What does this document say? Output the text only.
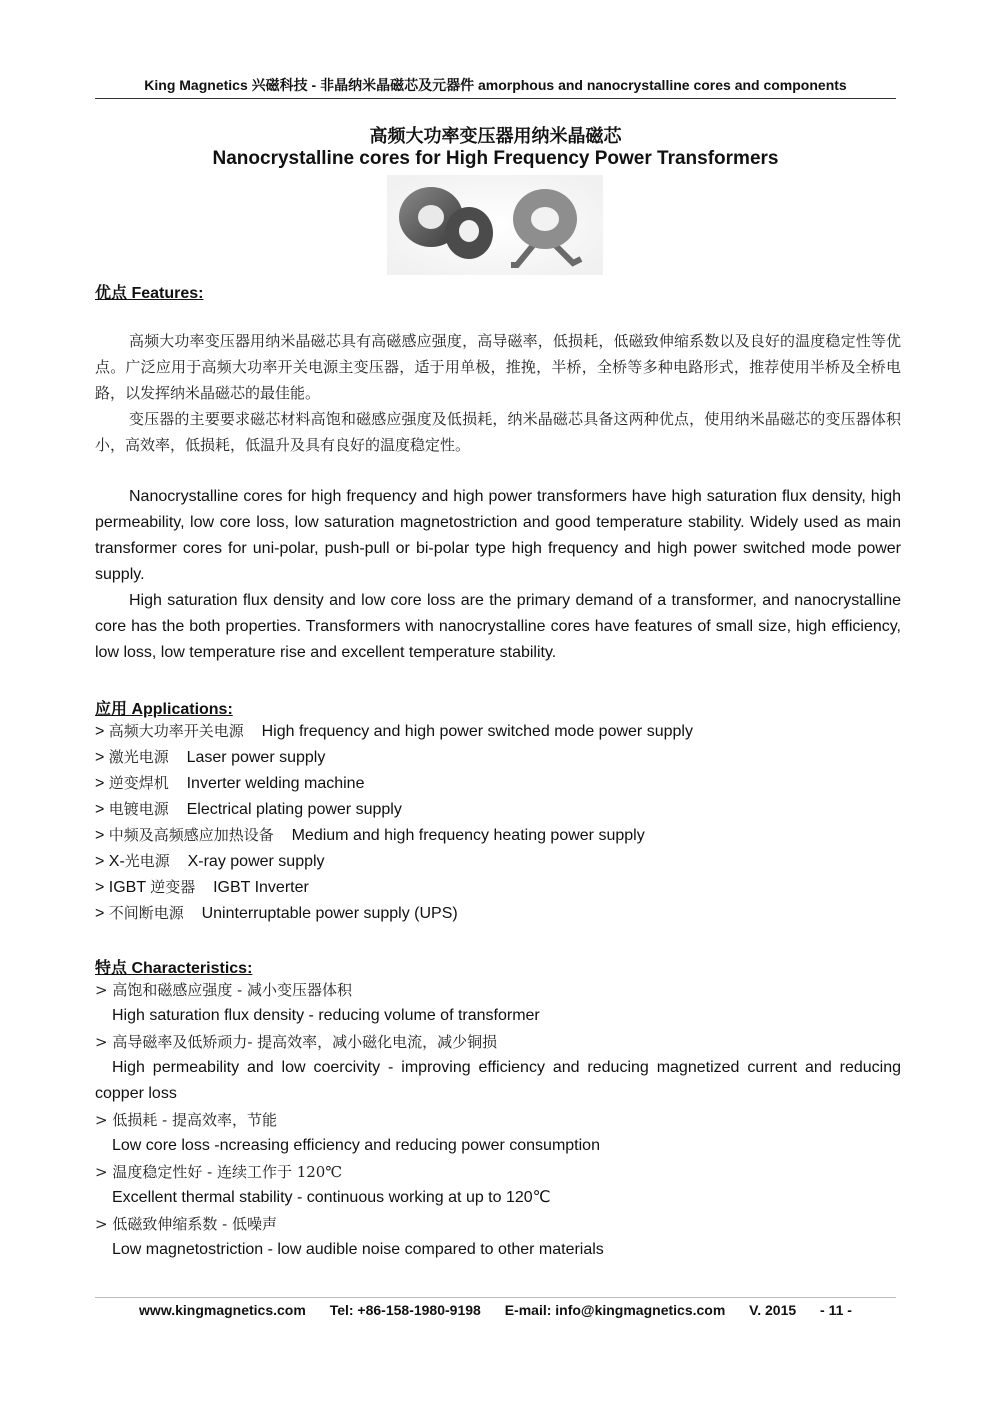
King Magnetics 兴磁科技 - 非晶纳米晶磁芯及元器件 amorphous and nanocrystalline cores and components
高频大功率变压器用纳米晶磁芯
Nanocrystalline cores for High Frequency Power Transformers
优点 Features:

高频大功率变压器用纳米晶磁芯具有高磁感应强度，高导磁率，低损耗，低磁致伸缩系数以及良好的温度稳定性等优点。广泛应用于高频大功率开关电源主变压器，适于用单极，推挽，半桥，全桥等多种电路形式，推荐使用半桥及全桥电路，以发挥纳米晶磁芯的最佳能。

变压器的主要要求磁芯材料高饱和磁感应强度及低损耗，纳米晶磁芯具备这两种优点，使用纳米晶磁芯的变压器体积小，高效率，低损耗，低温升及具有良好的温度稳定性。

Nanocrystalline cores for high frequency and high power transformers have high saturation flux density, high permeability, low core loss, low saturation magnetostriction and good temperature stability. Widely used as main transformer cores for uni-polar, push-pull or bi-polar type high frequency and high power switched mode power supply.

High saturation flux density and low core loss are the primary demand of a transformer, and nanocrystalline core has the both properties. Transformers with nanocrystalline cores have features of small size, high efficiency, low loss, low temperature rise and excellent temperature stability.

应用 Applications:
> 高频大功率开关电源 High frequency and high power switched mode power supply
> 激光电源 Laser power supply
> 逆变焊机 Inverter welding machine
> 电镀电源 Electrical plating power supply
> 中频及高频感应加热设备 Medium and high frequency heating power supply
> X-光电源 X-ray power supply
> IGBT 逆变器 IGBT Inverter
> 不间断电源 Uninterruptable power supply (UPS)
特点 Characteristics:
> 高饱和磁感应强度 - 减小变压器体积
High saturation flux density - reducing volume of transformer
> 高导磁率及低矫顽力- 提高效率，减小磁化电流，减少铜损
High permeability and low coercivity - improving efficiency and reducing magnetized current and reducing copper loss
> 低损耗 - 提高效率，节能
Low core loss -ncreasing efficiency and reducing power consumption
> 温度稳定性好 - 连续工作于 120℃
Excellent thermal stability - continuous working at up to 120℃
> 低磁致伸缩系数 - 低噪声
Low magnetostriction - low audible noise compared to other materials
www.kingmagnetics.com Tel: +86-158-1980-9198 E-mail: info@kingmagnetics.com V. 2015 - 11 -
